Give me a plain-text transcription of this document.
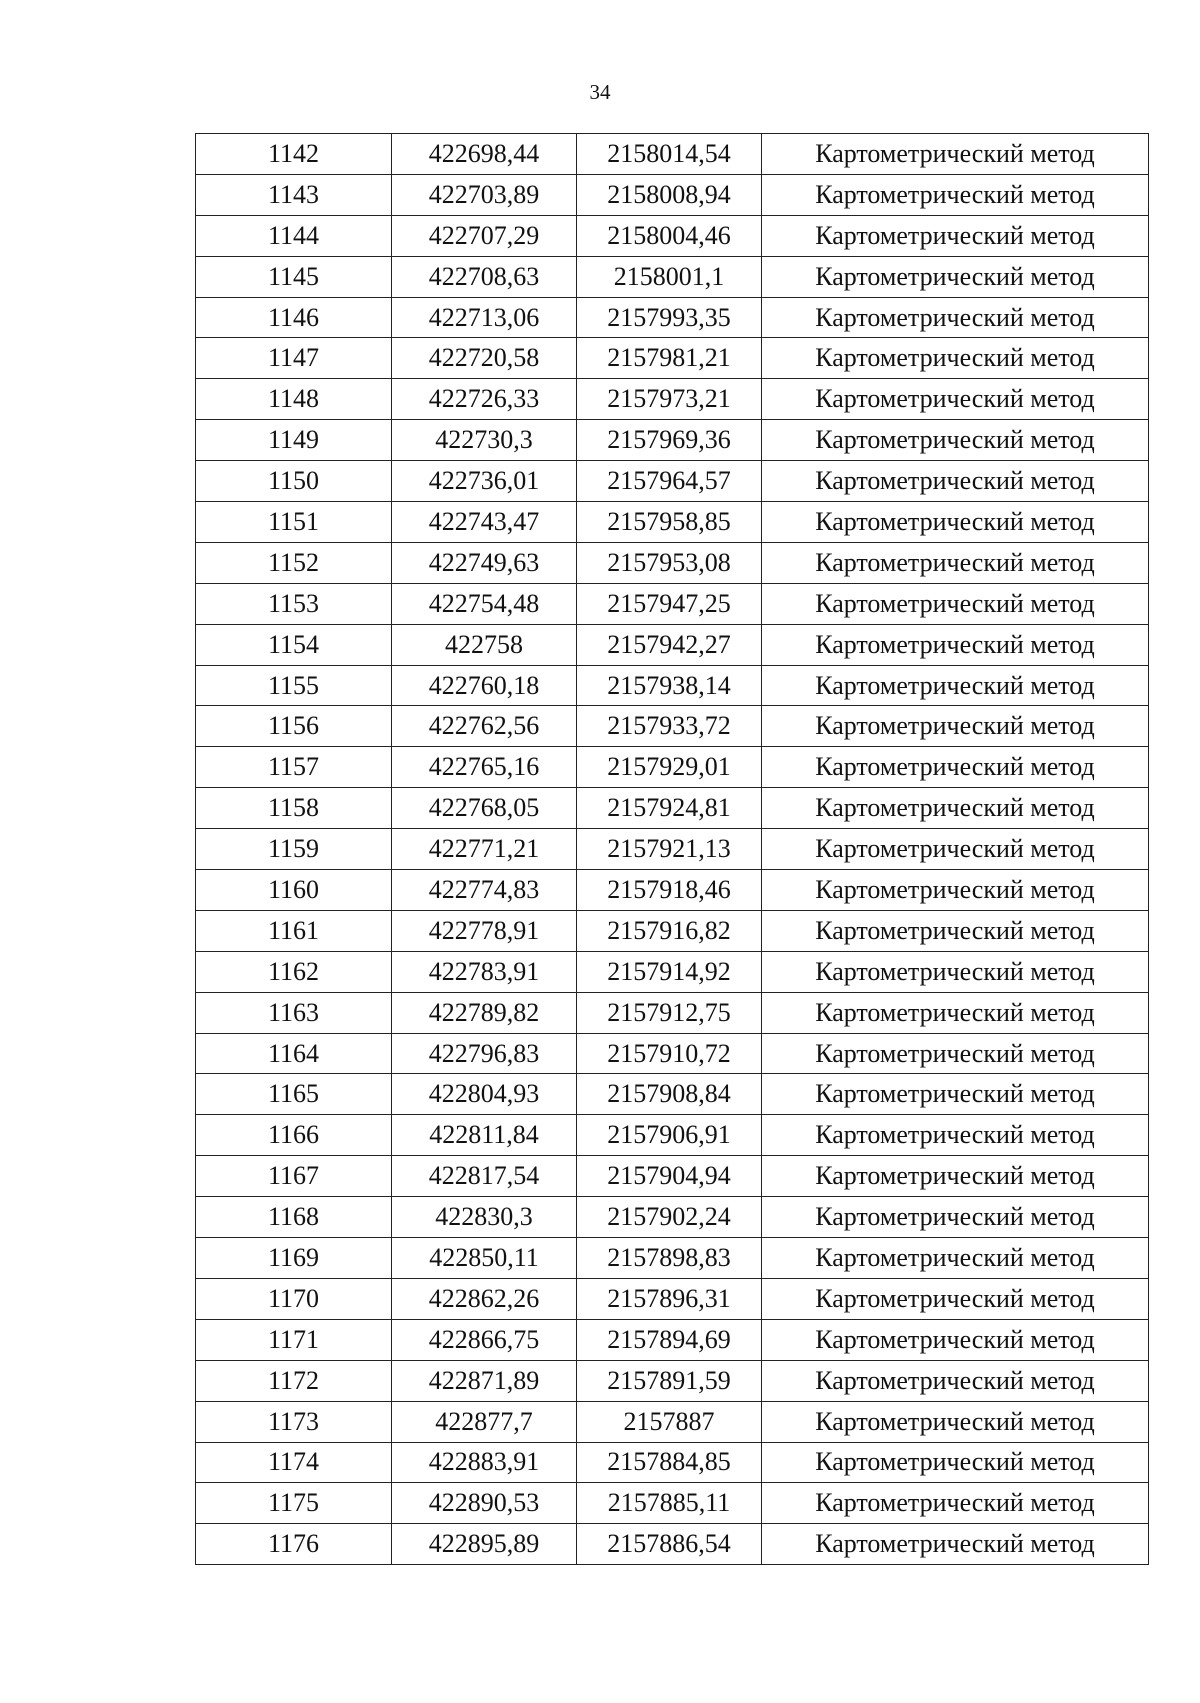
34
1142	422698,44	2158014,54	Картометрический метод
1143	422703,89	2158008,94	Картометрический метод
1144	422707,29	2158004,46	Картометрический метод
1145	422708,63	2158001,1	Картометрический метод
1146	422713,06	2157993,35	Картометрический метод
1147	422720,58	2157981,21	Картометрический метод
1148	422726,33	2157973,21	Картометрический метод
1149	422730,3	2157969,36	Картометрический метод
1150	422736,01	2157964,57	Картометрический метод
1151	422743,47	2157958,85	Картометрический метод
1152	422749,63	2157953,08	Картометрический метод
1153	422754,48	2157947,25	Картометрический метод
1154	422758	2157942,27	Картометрический метод
1155	422760,18	2157938,14	Картометрический метод
1156	422762,56	2157933,72	Картометрический метод
1157	422765,16	2157929,01	Картометрический метод
1158	422768,05	2157924,81	Картометрический метод
1159	422771,21	2157921,13	Картометрический метод
1160	422774,83	2157918,46	Картометрический метод
1161	422778,91	2157916,82	Картометрический метод
1162	422783,91	2157914,92	Картометрический метод
1163	422789,82	2157912,75	Картометрический метод
1164	422796,83	2157910,72	Картометрический метод
1165	422804,93	2157908,84	Картометрический метод
1166	422811,84	2157906,91	Картометрический метод
1167	422817,54	2157904,94	Картометрический метод
1168	422830,3	2157902,24	Картометрический метод
1169	422850,11	2157898,83	Картометрический метод
1170	422862,26	2157896,31	Картометрический метод
1171	422866,75	2157894,69	Картометрический метод
1172	422871,89	2157891,59	Картометрический метод
1173	422877,7	2157887	Картометрический метод
1174	422883,91	2157884,85	Картометрический метод
1175	422890,53	2157885,11	Картометрический метод
1176	422895,89	2157886,54	Картометрический метод
